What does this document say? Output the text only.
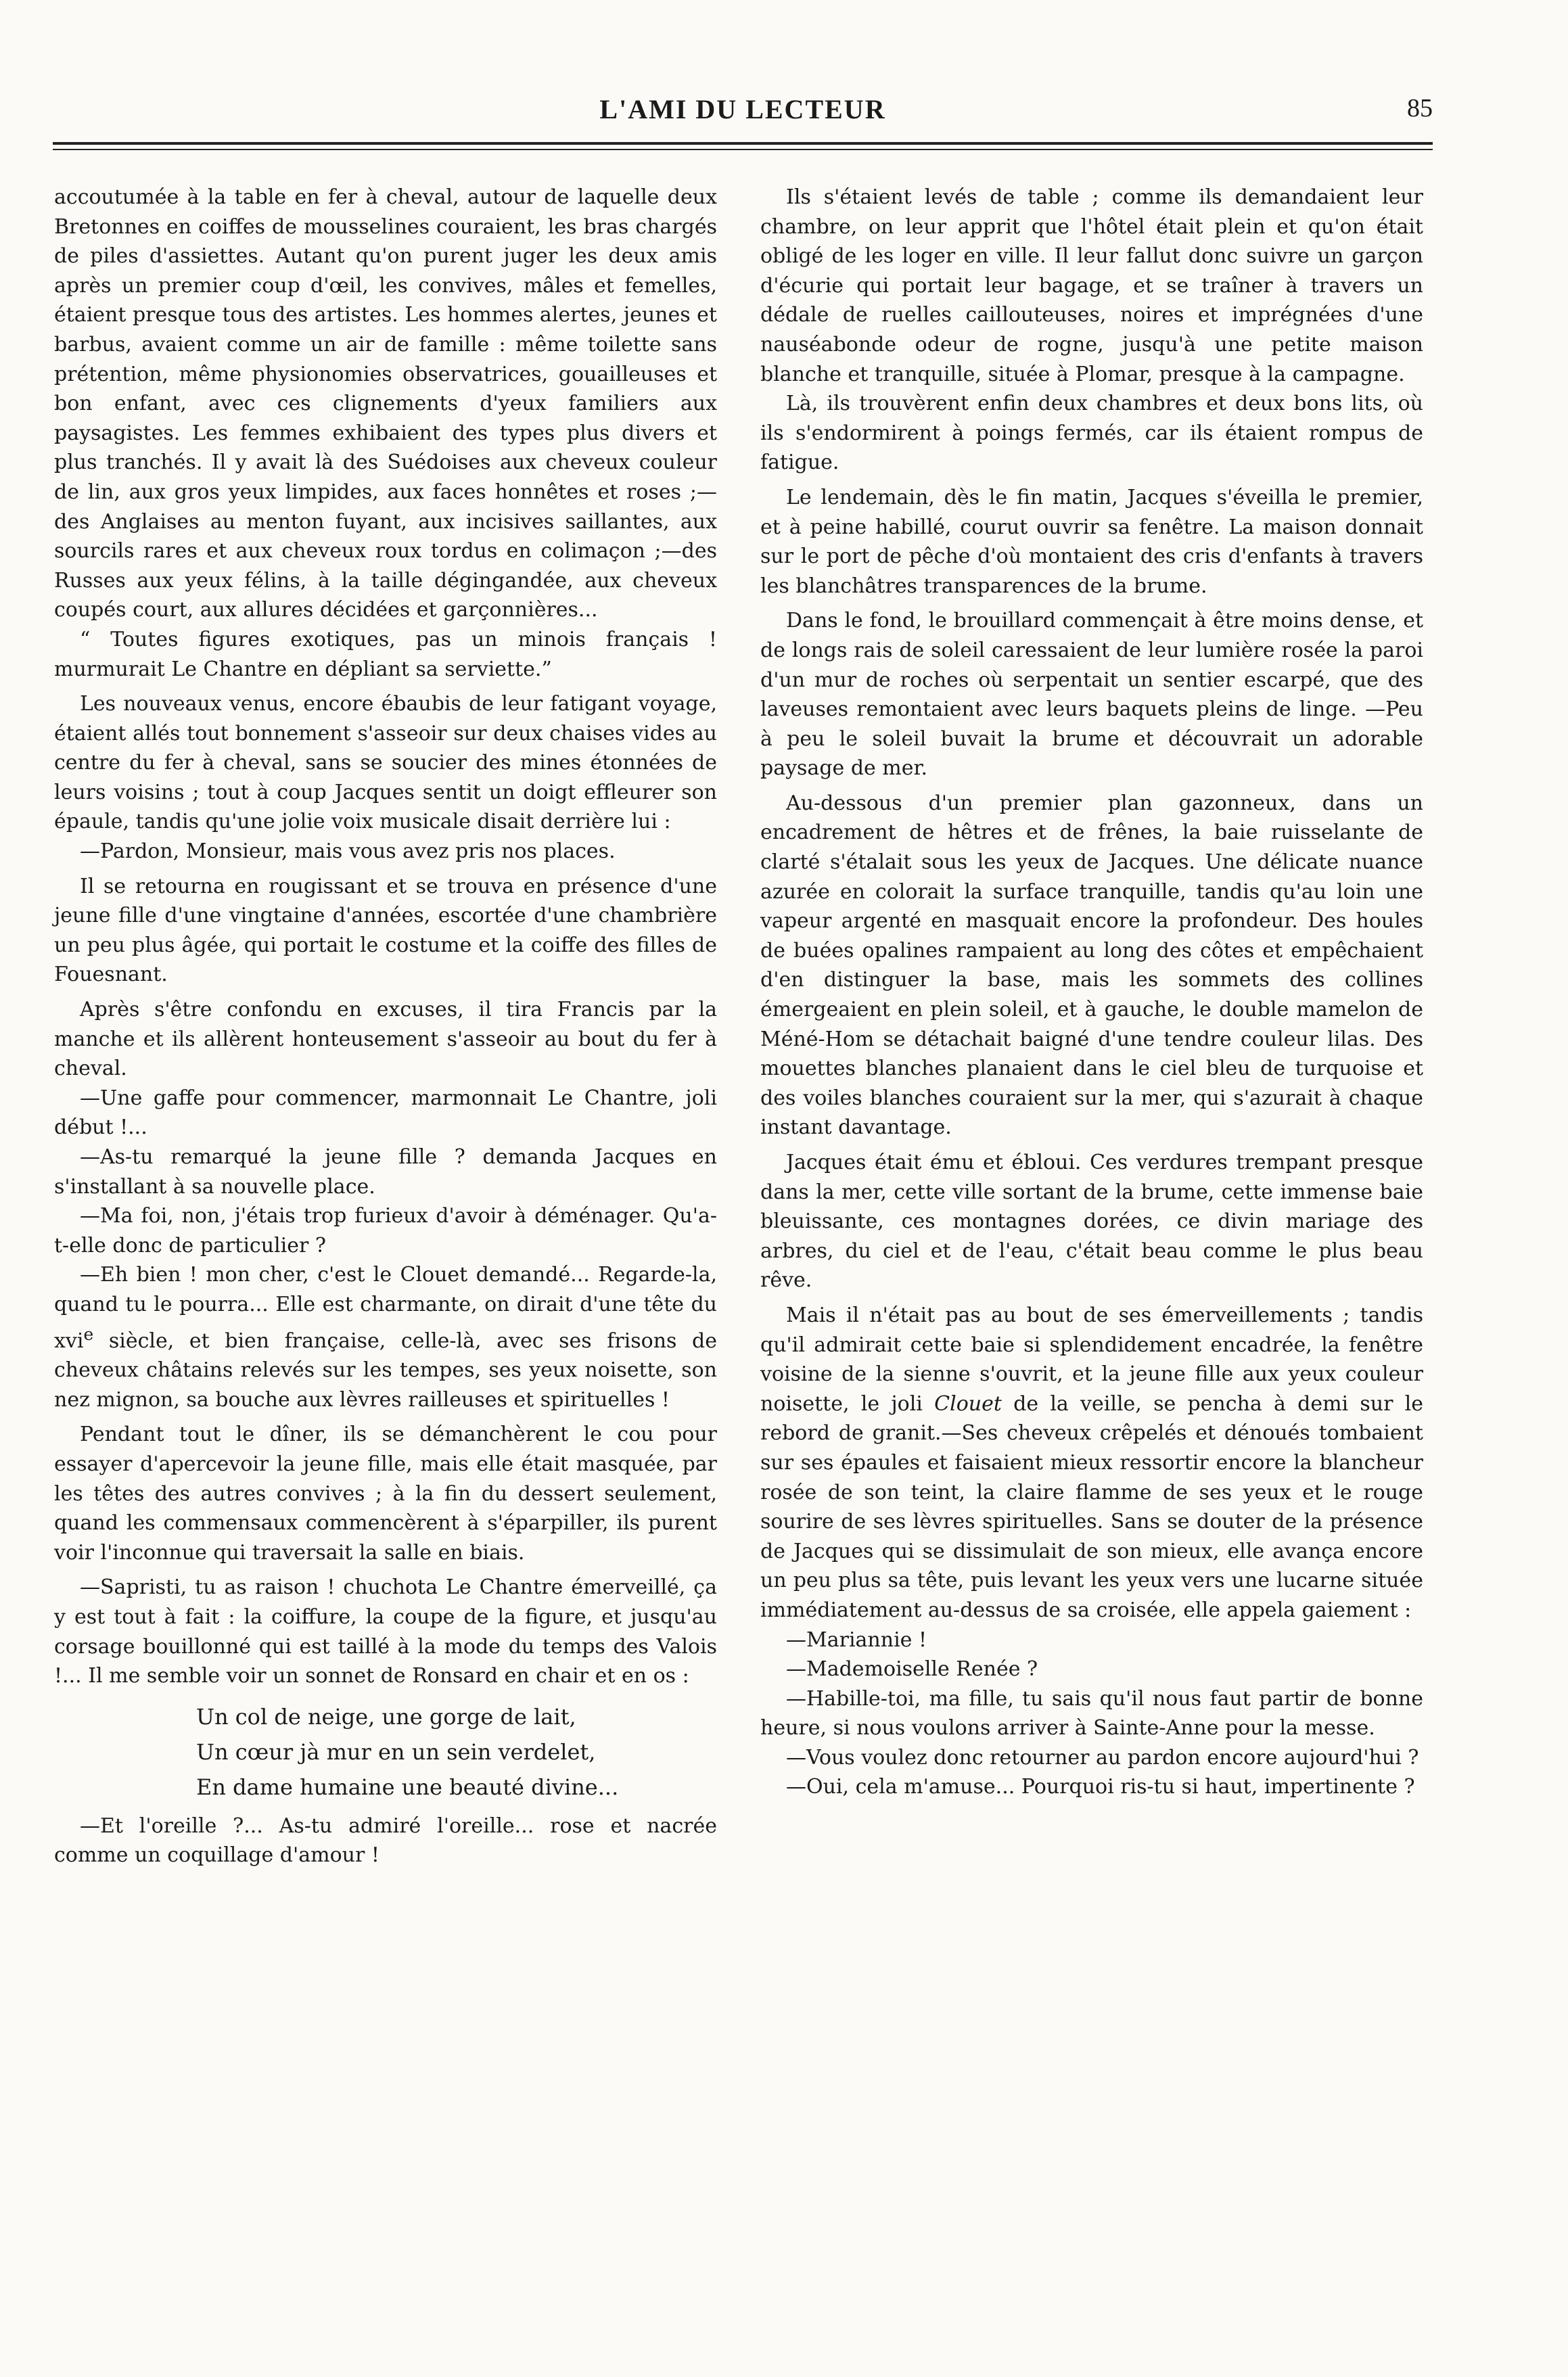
L'AMI DU LECTEUR	85

accoutumée à la table en fer à cheval, autour de laquelle deux Bretonnes en coiffes de mousselines couraient, les bras chargés de piles d'assiettes. Autant qu'on purent juger les deux amis après un premier coup d'œil, les convives, mâles et femelles, étaient presque tous des artistes. Les hommes alertes, jeunes et barbus, avaient comme un air de famille : même toilette sans prétention, même physionomies observatrices, gouailleuses et bon enfant, avec ces clignements d'yeux familiers aux paysagistes. Les femmes exhibaient des types plus divers et plus tranchés. Il y avait là des Suédoises aux cheveux couleur de lin, aux gros yeux limpides, aux faces honnêtes et roses ;—des Anglaises au menton fuyant, aux incisives saillantes, aux sourcils rares et aux cheveux roux tordus en colimaçon ;—des Russes aux yeux félins, à la taille dégingandée, aux cheveux coupés court, aux allures décidées et garçonnières...

“ Toutes figures exotiques, pas un minois français ! murmurait Le Chantre en dépliant sa serviette.”

Les nouveaux venus, encore ébaubis de leur fatigant voyage, étaient allés tout bonnement s'asseoir sur deux chaises vides au centre du fer à cheval, sans se soucier des mines étonnées de leurs voisins ; tout à coup Jacques sentit un doigt effleurer son épaule, tandis qu'une jolie voix musicale disait derrière lui :

—Pardon, Monsieur, mais vous avez pris nos places.

Il se retourna en rougissant et se trouva en présence d'une jeune fille d'une vingtaine d'années, escortée d'une chambrière un peu plus âgée, qui portait le costume et la coiffe des filles de Fouesnant.

Après s'être confondu en excuses, il tira Francis par la manche et ils allèrent honteusement s'asseoir au bout du fer à cheval.

—Une gaffe pour commencer, marmonnait Le Chantre, joli début !...

—As-tu remarqué la jeune fille ? demanda Jacques en s'installant à sa nouvelle place.

—Ma foi, non, j'étais trop furieux d'avoir à déménager. Qu'a-t-elle donc de particulier ?

—Eh bien ! mon cher, c'est le Clouet demandé... Regarde-la, quand tu le pourra... Elle est charmante, on dirait d'une tête du xvi$^e$ siècle, et bien française, celle-là, avec ses frisons de cheveux châtains relevés sur les tempes, ses yeux noisette, son nez mignon, sa bouche aux lèvres railleuses et spirituelles !

Pendant tout le dîner, ils se démanchèrent le cou pour essayer d'apercevoir la jeune fille, mais elle était masquée, par les têtes des autres convives ; à la fin du dessert seulement, quand les commensaux commencèrent à s'éparpiller, ils purent voir l'inconnue qui traversait la salle en biais.

—Sapristi, tu as raison ! chuchota Le Chantre émerveillé, ça y est tout à fait : la coiffure, la coupe de la figure, et jusqu'au corsage bouillonné qui est taillé à la mode du temps des Valois !... Il me semble voir un sonnet de Ronsard en chair et en os :

Un col de neige, une gorge de lait,
Un cœur jà mur en un sein verdelet,
En dame humaine une beauté divine...

—Et l'oreille ?... As-tu admiré l'oreille... rose et nacrée comme un coquillage d'amour !

Ils s'étaient levés de table ; comme ils demandaient leur chambre, on leur apprit que l'hôtel était plein et qu'on était obligé de les loger en ville. Il leur fallut donc suivre un garçon d'écurie qui portait leur bagage, et se traîner à travers un dédale de ruelles caillouteuses, noires et imprégnées d'une nauséabonde odeur de rogne, jusqu'à une petite maison blanche et tranquille, située à Plomar, presque à la campagne.

Là, ils trouvèrent enfin deux chambres et deux bons lits, où ils s'endormirent à poings fermés, car ils étaient rompus de fatigue.

Le lendemain, dès le fin matin, Jacques s'éveilla le premier, et à peine habillé, courut ouvrir sa fenêtre. La maison donnait sur le port de pêche d'où montaient des cris d'enfants à travers les blanchâtres transparences de la brume.

Dans le fond, le brouillard commençait à être moins dense, et de longs rais de soleil caressaient de leur lumière rosée la paroi d'un mur de roches où serpentait un sentier escarpé, que des laveuses remontaient avec leurs baquets pleins de linge. —Peu à peu le soleil buvait la brume et découvrait un adorable paysage de mer.

Au-dessous d'un premier plan gazonneux, dans un encadrement de hêtres et de frênes, la baie ruisselante de clarté s'étalait sous les yeux de Jacques. Une délicate nuance azurée en colorait la surface tranquille, tandis qu'au loin une vapeur argenté en masquait encore la profondeur. Des houles de buées opalines rampaient au long des côtes et empêchaient d'en distinguer la base, mais les sommets des collines émergeaient en plein soleil, et à gauche, le double mamelon de Méné-Hom se détachait baigné d'une tendre couleur lilas. Des mouettes blanches planaient dans le ciel bleu de turquoise et des voiles blanches couraient sur la mer, qui s'azurait à chaque instant davantage.

Jacques était ému et ébloui. Ces verdures trempant presque dans la mer, cette ville sortant de la brume, cette immense baie bleuissante, ces montagnes dorées, ce divin mariage des arbres, du ciel et de l'eau, c'était beau comme le plus beau rêve.

Mais il n'était pas au bout de ses émerveillements ; tandis qu'il admirait cette baie si splendidement encadrée, la fenêtre voisine de la sienne s'ouvrit, et la jeune fille aux yeux couleur noisette, le joli Clouet de la veille, se pencha à demi sur le rebord de granit.—Ses cheveux crêpelés et dénoués tombaient sur ses épaules et faisaient mieux ressortir encore la blancheur rosée de son teint, la claire flamme de ses yeux et le rouge sourire de ses lèvres spirituelles. Sans se douter de la présence de Jacques qui se dissimulait de son mieux, elle avança encore un peu plus sa tête, puis levant les yeux vers une lucarne située immédiatement au-dessus de sa croisée, elle appela gaiement :

—Mariannie !

—Mademoiselle Renée ?

—Habille-toi, ma fille, tu sais qu'il nous faut partir de bonne heure, si nous voulons arriver à Sainte-Anne pour la messe.

—Vous voulez donc retourner au pardon encore aujourd'hui ?

—Oui, cela m'amuse... Pourquoi ris-tu si haut, impertinente ?
